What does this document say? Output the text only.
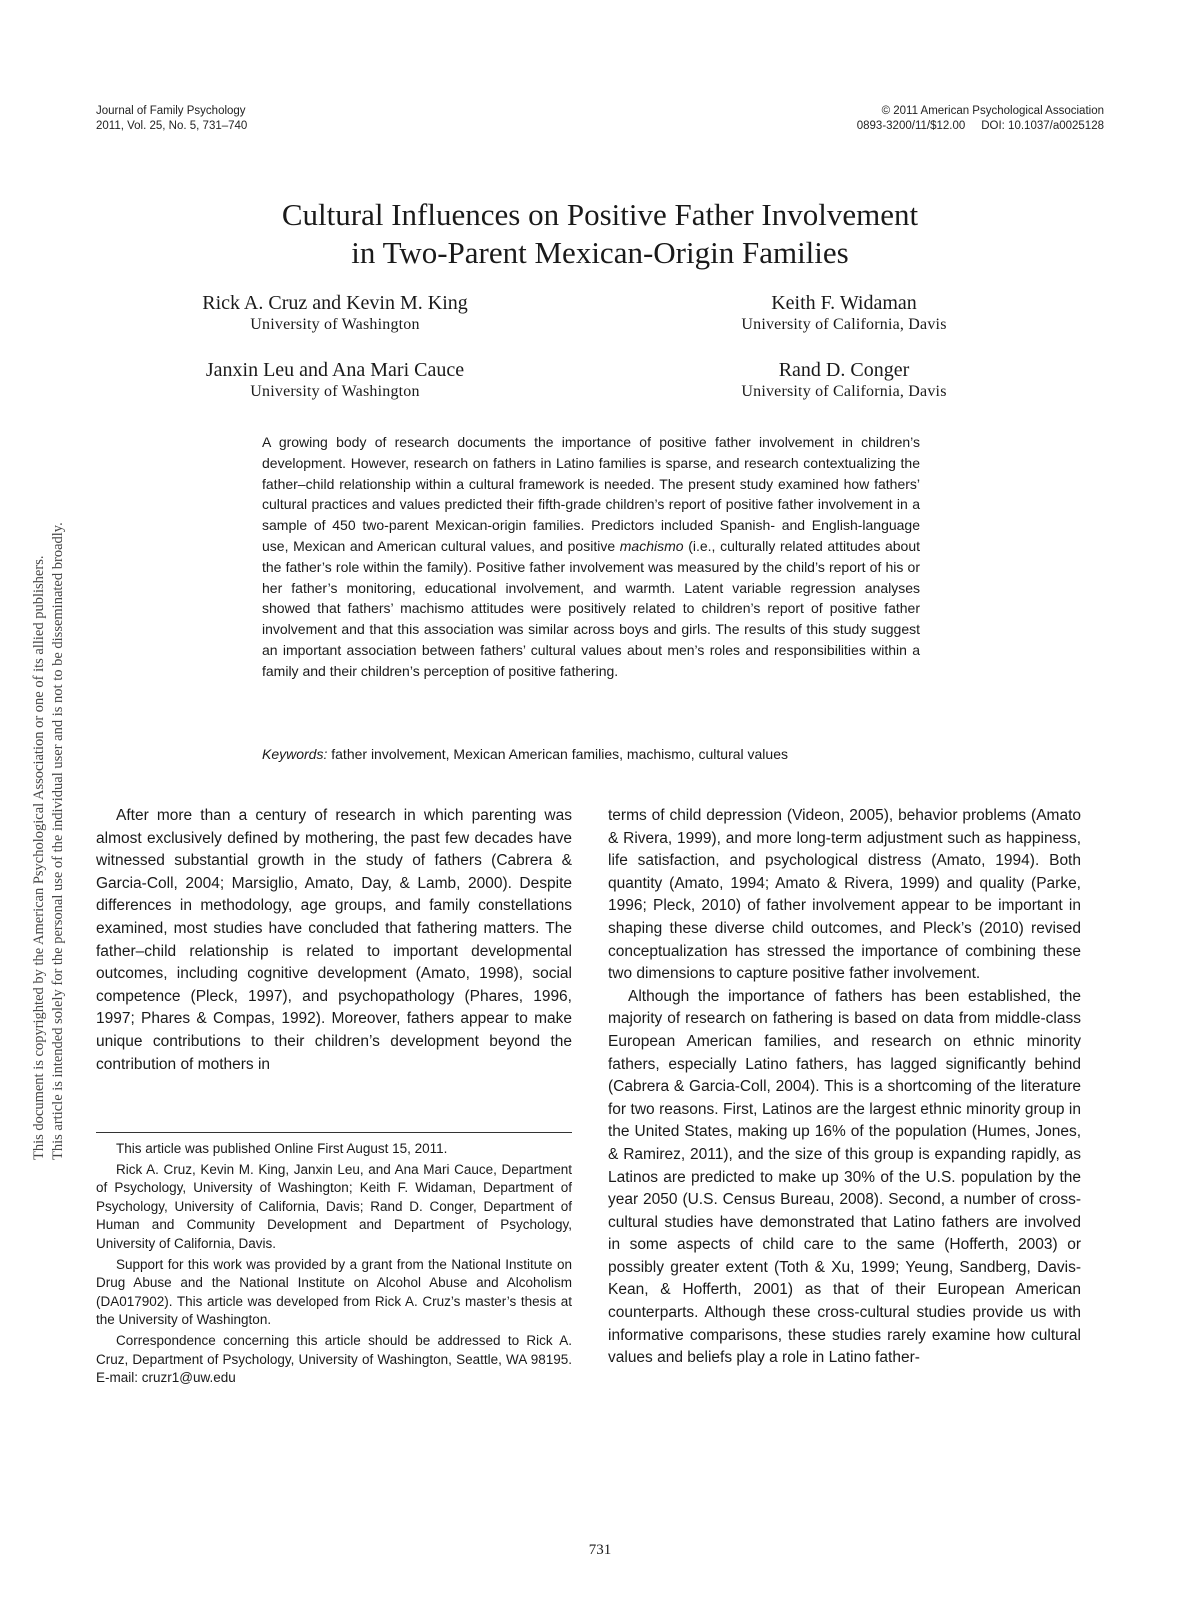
Journal of Family Psychology
2011, Vol. 25, No. 5, 731–740
© 2011 American Psychological Association
0893-3200/11/$12.00     DOI: 10.1037/a0025128
This document is copyrighted by the American Psychological Association or one of its allied publishers. This article is intended solely for the personal use of the individual user and is not to be disseminated broadly.
Cultural Influences on Positive Father Involvement
in Two-Parent Mexican-Origin Families
Rick A. Cruz and Kevin M. King
University of Washington
Keith F. Widaman
University of California, Davis
Janxin Leu and Ana Mari Cauce
University of Washington
Rand D. Conger
University of California, Davis
A growing body of research documents the importance of positive father involvement in children’s development. However, research on fathers in Latino families is sparse, and research contextualizing the father–child relationship within a cultural framework is needed. The present study examined how fathers’ cultural practices and values predicted their fifth-grade children’s report of positive father involvement in a sample of 450 two-parent Mexican-origin families. Predictors included Spanish- and English-language use, Mexican and American cultural values, and positive machismo (i.e., culturally related attitudes about the father’s role within the family). Positive father involvement was measured by the child’s report of his or her father’s monitoring, educational involvement, and warmth. Latent variable regression analyses showed that fathers’ machismo attitudes were positively related to children’s report of positive father involvement and that this association was similar across boys and girls. The results of this study suggest an important association between fathers’ cultural values about men’s roles and responsibilities within a family and their children’s perception of positive fathering.
Keywords: father involvement, Mexican American families, machismo, cultural values

After more than a century of research in which parenting was almost exclusively defined by mothering, the past few decades have witnessed substantial growth in the study of fathers (Cabrera & Garcia-Coll, 2004; Marsiglio, Amato, Day, & Lamb, 2000). Despite differences in methodology, age groups, and family constellations examined, most studies have concluded that fathering matters. The father–child relationship is related to important developmental outcomes, including cognitive development (Amato, 1998), social competence (Pleck, 1997), and psychopathology (Phares, 1996, 1997; Phares & Compas, 1992). Moreover, fathers appear to make unique contributions to their children’s development beyond the contribution of mothers in

terms of child depression (Videon, 2005), behavior problems (Amato & Rivera, 1999), and more long-term adjustment such as happiness, life satisfaction, and psychological distress (Amato, 1994). Both quantity (Amato, 1994; Amato & Rivera, 1999) and quality (Parke, 1996; Pleck, 2010) of father involvement appear to be important in shaping these diverse child outcomes, and Pleck’s (2010) revised conceptualization has stressed the importance of combining these two dimensions to capture positive father involvement.

Although the importance of fathers has been established, the majority of research on fathering is based on data from middle-class European American families, and research on ethnic minority fathers, especially Latino fathers, has lagged significantly behind (Cabrera & Garcia-Coll, 2004). This is a shortcoming of the literature for two reasons. First, Latinos are the largest ethnic minority group in the United States, making up 16% of the population (Humes, Jones, & Ramirez, 2011), and the size of this group is expanding rapidly, as Latinos are predicted to make up 30% of the U.S. population by the year 2050 (U.S. Census Bureau, 2008). Second, a number of cross-cultural studies have demonstrated that Latino fathers are involved in some aspects of child care to the same (Hofferth, 2003) or possibly greater extent (Toth & Xu, 1999; Yeung, Sandberg, Davis-Kean, & Hofferth, 2001) as that of their European American counterparts. Although these cross-cultural studies provide us with informative comparisons, these studies rarely examine how cultural values and beliefs play a role in Latino father-

This article was published Online First August 15, 2011.

Rick A. Cruz, Kevin M. King, Janxin Leu, and Ana Mari Cauce, Department of Psychology, University of Washington; Keith F. Widaman, Department of Psychology, University of California, Davis; Rand D. Conger, Department of Human and Community Development and Department of Psychology, University of California, Davis.

Support for this work was provided by a grant from the National Institute on Drug Abuse and the National Institute on Alcohol Abuse and Alcoholism (DA017902). This article was developed from Rick A. Cruz’s master’s thesis at the University of Washington.

Correspondence concerning this article should be addressed to Rick A. Cruz, Department of Psychology, University of Washington, Seattle, WA 98195. E-mail: cruzr1@uw.edu

731
